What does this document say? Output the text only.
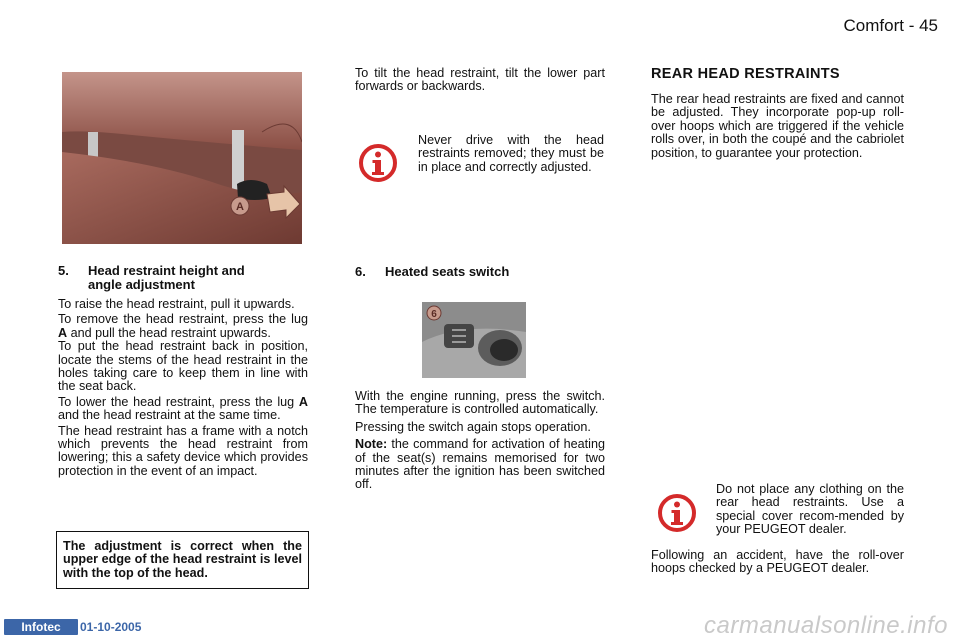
Comfort - 45
A
5. Head restraint height and
angle adjustment

To raise the head restraint, pull it upwards.

To remove the head restraint, press the lug A and pull the head restraint upwards.

To put the head restraint back in position, locate the stems of the head restraint in the holes taking care to keep them in line with the seat back.

To lower the head restraint, press the lug A and the head restraint at the same time.

The head restraint has a frame with a notch which prevents the head restraint from lowering; this a safety device which provides protection in the event of an impact.

The adjustment is correct when the upper edge of the head restraint is level with the top of the head.

To tilt the head restraint, tilt the lower part forwards or backwards.

Never drive with the head restraints removed; they must be in place and correctly adjusted.

6. Heated seats switch
6

With the engine running, press the switch. The temperature is controlled automatically.

Pressing the switch again stops operation.

Note: the command for activation of heating of the seat(s) remains memorised for two minutes after the ignition has been switched off.

REAR HEAD RESTRAINTS

The rear head restraints are fixed and cannot be adjusted. They incorporate pop-up roll-over hoops which are triggered if the vehicle rolls over, in both the coupé and the cabriolet position, to guarantee your protection.

Do not place any clothing on the rear head restraints. Use a special cover recom-mended by your PEUGEOT dealer.

Following an accident, have the roll-over hoops checked by a PEUGEOT dealer.

Infotec	01-10-2005	carmanualsonline.info
